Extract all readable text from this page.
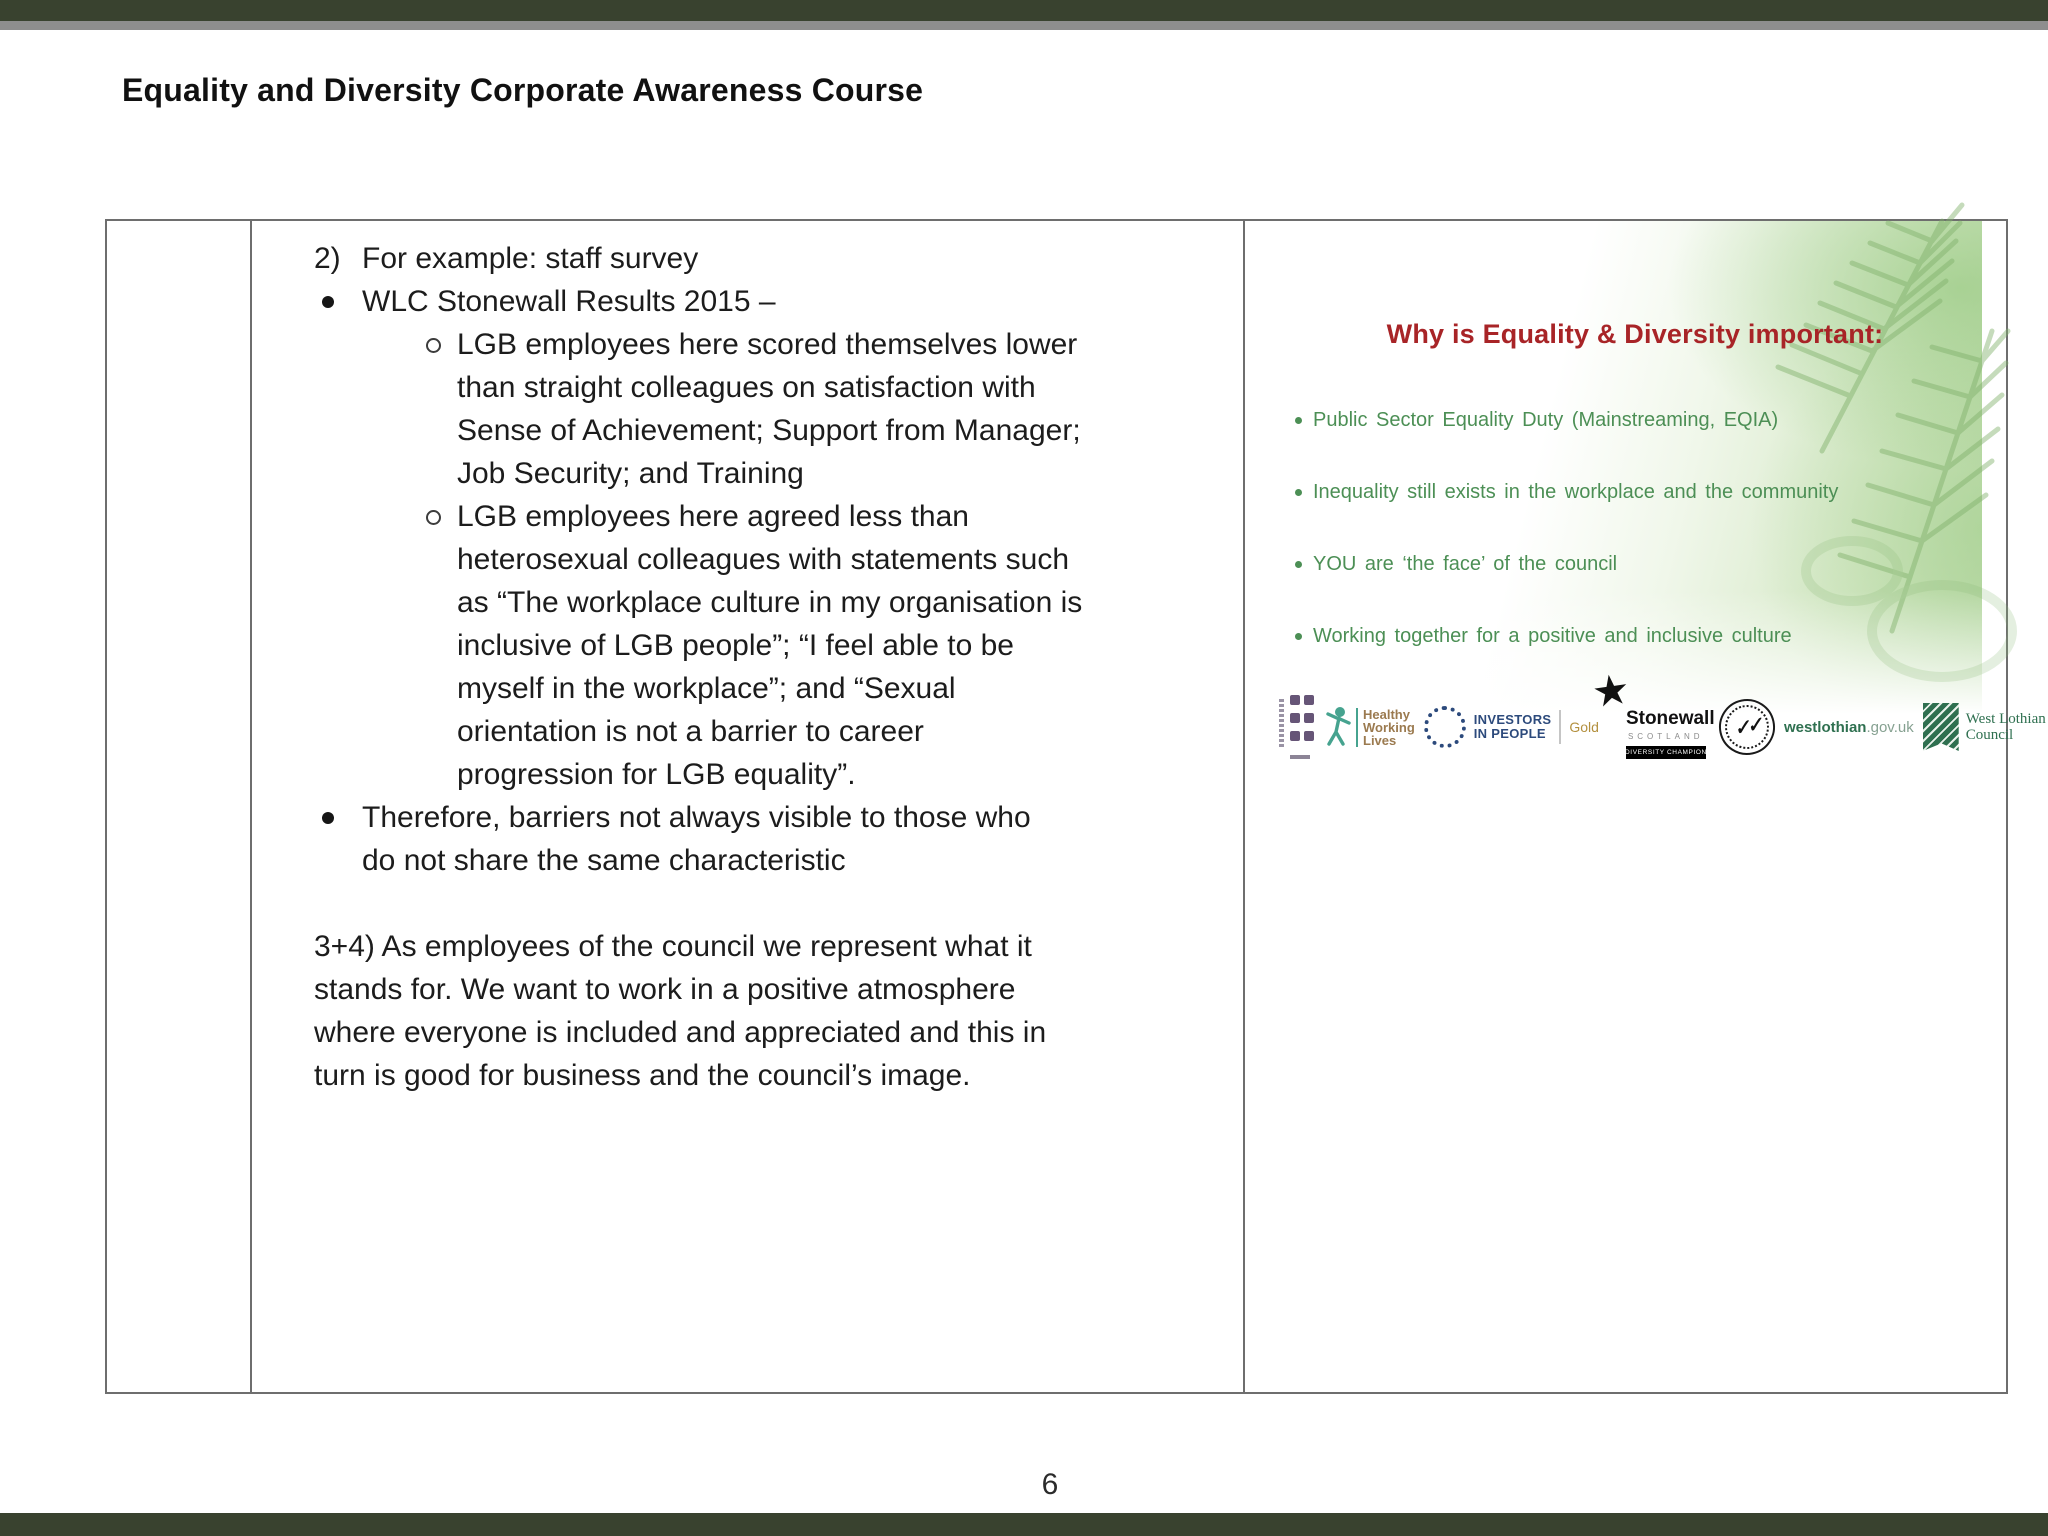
Equality and Diversity Corporate Awareness Course
2) For example: staff survey
WLC Stonewall Results 2015 –
LGB employees here scored themselves lower
than straight colleagues on satisfaction with
Sense of Achievement; Support from Manager;
Job Security; and Training
LGB employees here agreed less than
heterosexual colleagues with statements such
as “The workplace culture in my organisation is
inclusive of LGB people”; “I feel able to be
myself in the workplace”; and “Sexual
orientation is not a barrier to career
progression for LGB equality”.
Therefore, barriers not always visible to those who
do not share the same characteristic
3+4) As employees of the council we represent what it
stands for. We want to work in a positive atmosphere
where everyone is included and appreciated and this in
turn is good for business and the council’s image.
Why is Equality & Diversity important:
Public Sector Equality Duty (Mainstreaming, EQIA)
Inequality still exists in the workplace and the community
YOU are ‘the face’ of the council
Working together for a positive and inclusive culture
Healthy
Working
Lives
INVESTORS
IN PEOPLE	Gold
★
Stonewall
SCOTLAND
DIVERSITY CHAMPION
✓✓ westlothian .gov.uk	West Lothian
Council
6
